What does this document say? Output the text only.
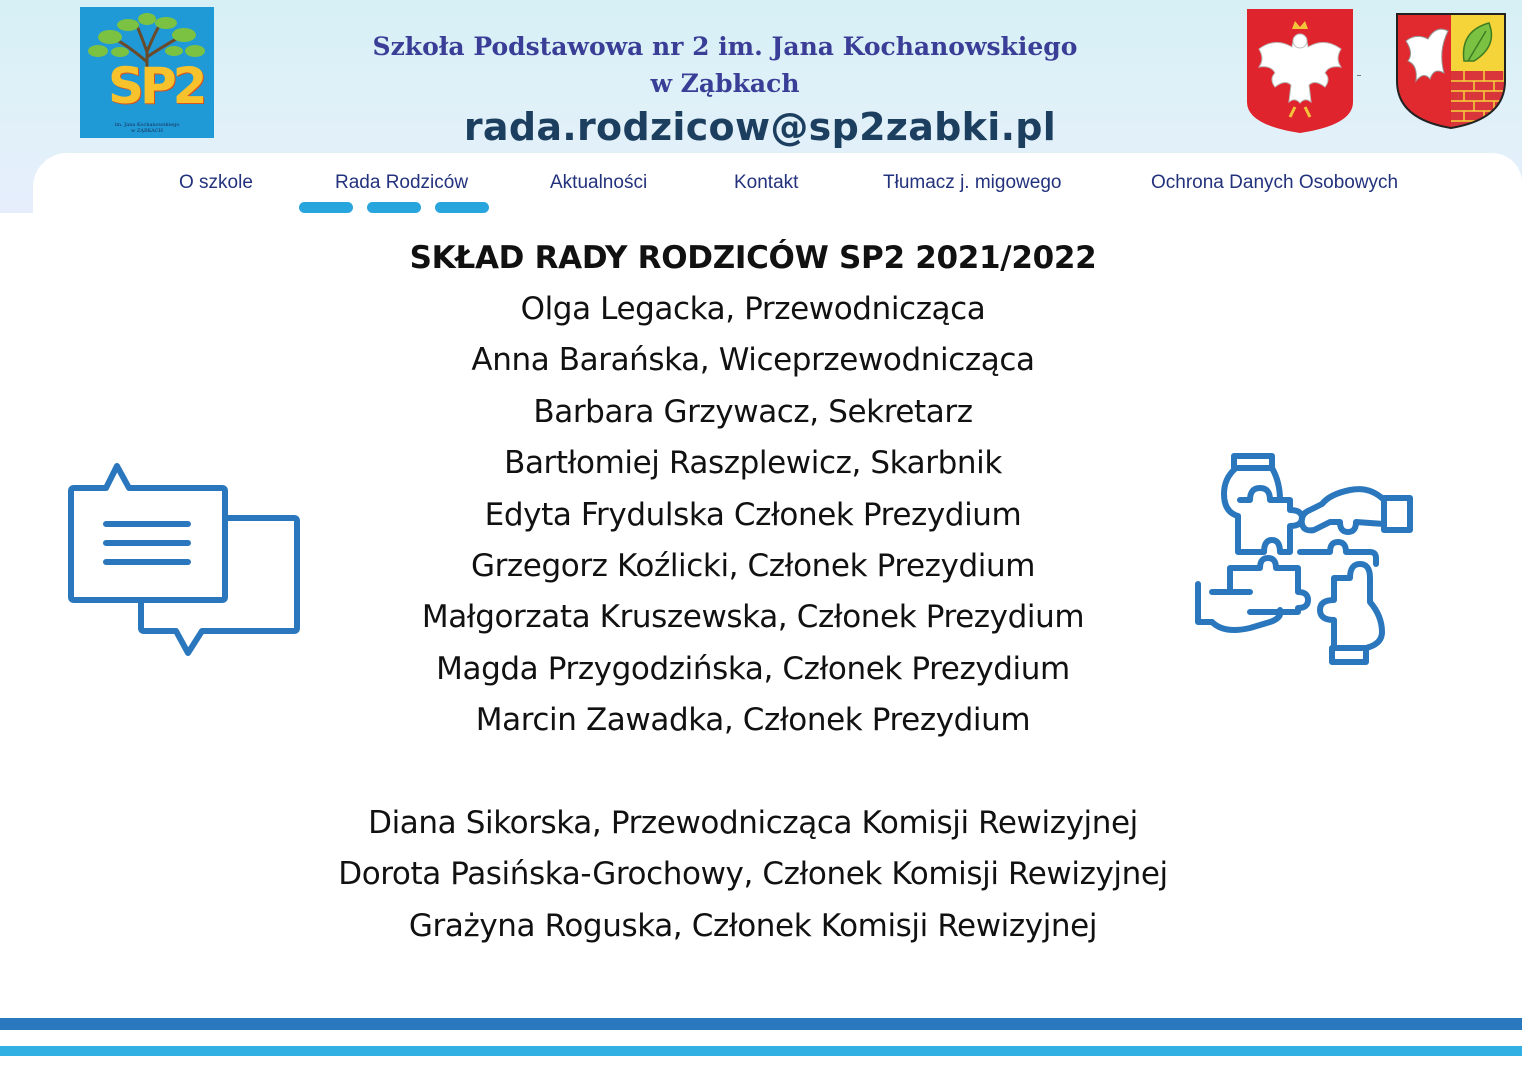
SP2
im. Jana Kochanowskiego
w ZĄBKACH
Szkoła Podstawowa nr 2 im. Jana Kochanowskiego
w Ząbkach
rada.rodzicow@sp2zabki.pl
O szkole	Rada Rodziców	Aktualności	Kontakt	Tłumacz j. migowego	Ochrona Danych Osobowych
SKŁAD RADY RODZICÓW SP2 2021/2022
Olga Legacka, Przewodnicząca
Anna Barańska, Wiceprzewodnicząca
Barbara Grzywacz, Sekretarz
Bartłomiej Raszplewicz, Skarbnik
Edyta Frydulska Członek Prezydium
Grzegorz Koźlicki, Członek Prezydium
Małgorzata Kruszewska, Członek Prezydium
Magda Przygodzińska, Członek Prezydium
Marcin Zawadka, Członek Prezydium
Diana Sikorska, Przewodnicząca Komisji Rewizyjnej
Dorota Pasińska-Grochowy, Członek Komisji Rewizyjnej
Grażyna Roguska, Członek Komisji Rewizyjnej
